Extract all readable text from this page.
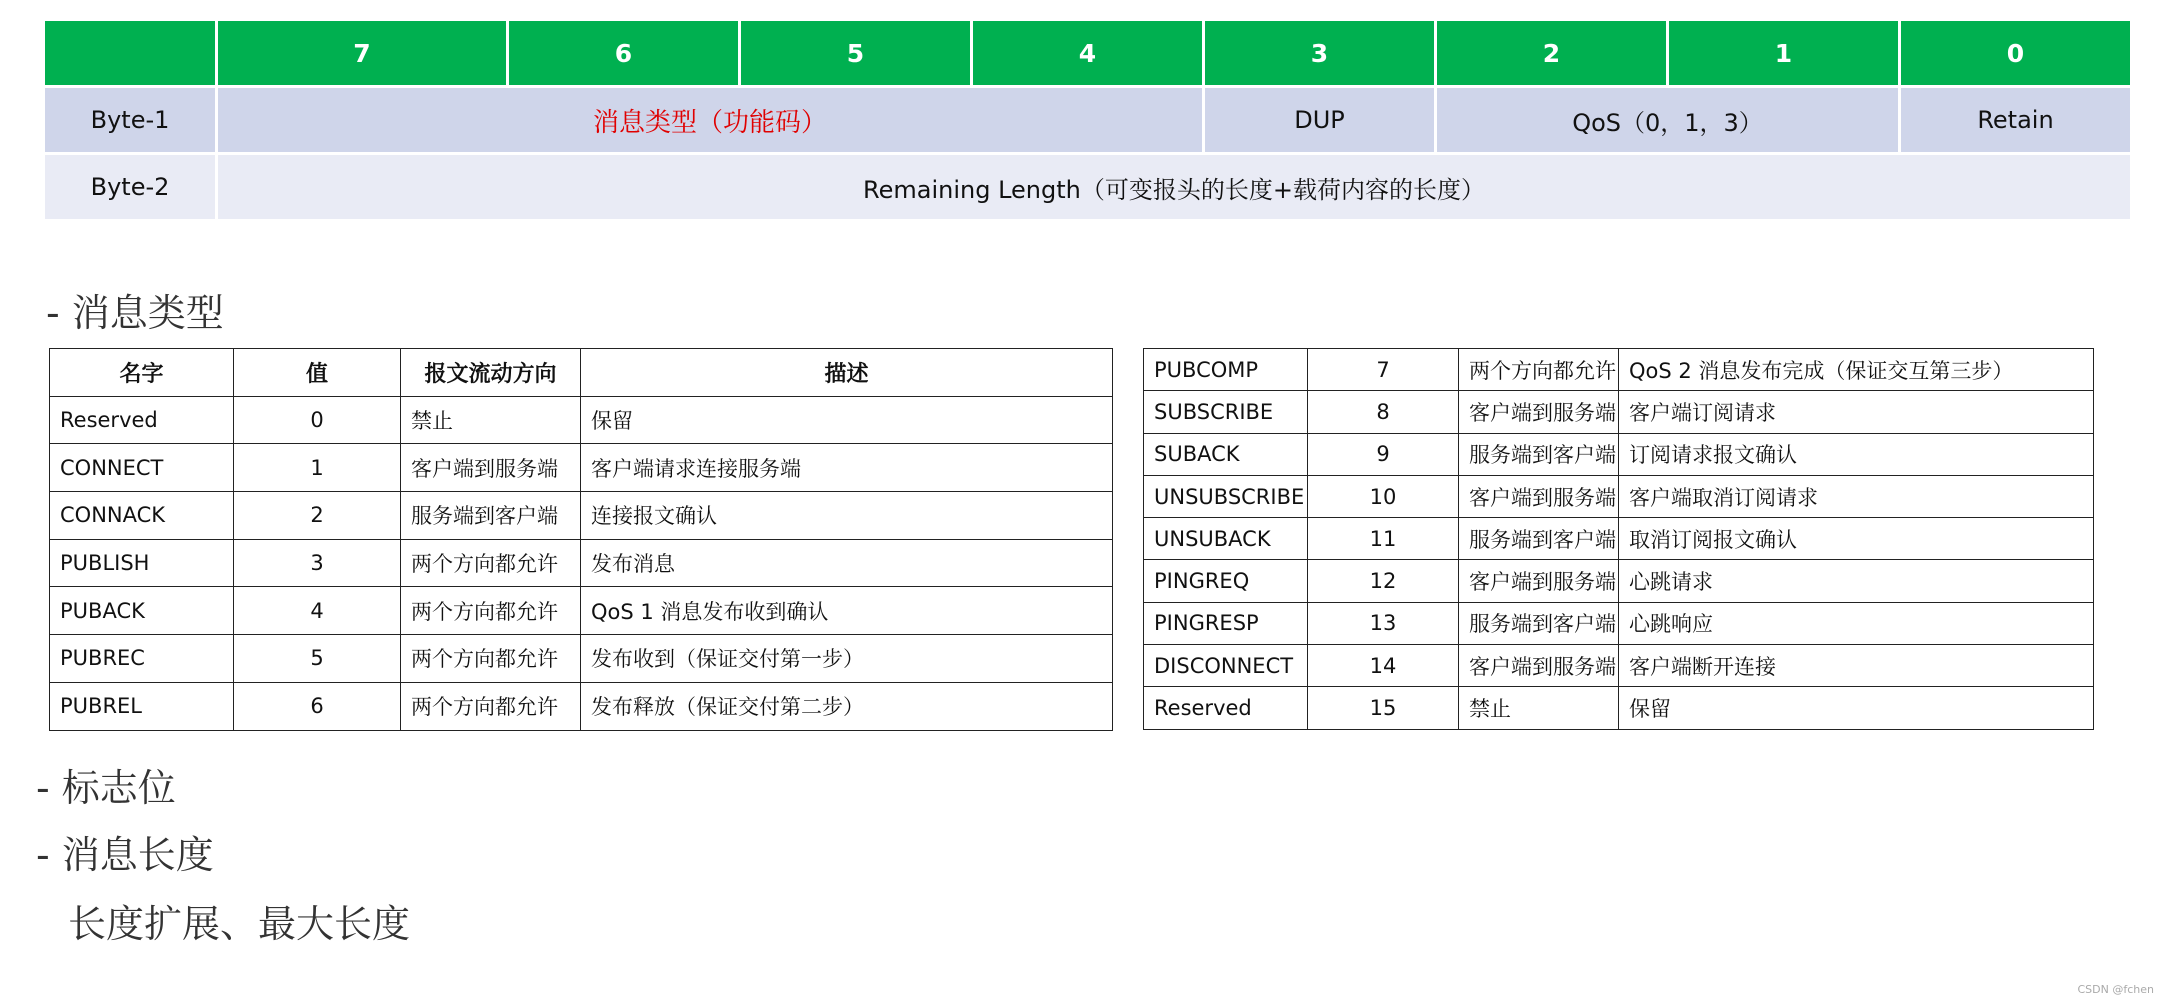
	7	6	5	4	3	2	1	0
Byte-1	消息类型（功能码）				DUP	QoS（0，1，3）		Retain
Byte-2	Remaining Length（可变报头的长度+载荷内容的长度）							
- 消息类型
名字	值	报文流动方向	描述
Reserved	0	禁止	保留
CONNECT	1	客户端到服务端	客户端请求连接服务端
CONNACK	2	服务端到客户端	连接报文确认
PUBLISH	3	两个方向都允许	发布消息
PUBACK	4	两个方向都允许	QoS 1 消息发布收到确认
PUBREC	5	两个方向都允许	发布收到（保证交付第一步）
PUBREL	6	两个方向都允许	发布释放（保证交付第二步）
PUBCOMP	7	两个方向都允许	QoS 2 消息发布完成（保证交互第三步）
SUBSCRIBE	8	客户端到服务端	客户端订阅请求
SUBACK	9	服务端到客户端	订阅请求报文确认
UNSUBSCRIBE	10	客户端到服务端	客户端取消订阅请求
UNSUBACK	11	服务端到客户端	取消订阅报文确认
PINGREQ	12	客户端到服务端	心跳请求
PINGRESP	13	服务端到客户端	心跳响应
DISCONNECT	14	客户端到服务端	客户端断开连接
Reserved	15	禁止	保留
- 标志位
- 消息长度
长度扩展、最大长度
CSDN @fchen
